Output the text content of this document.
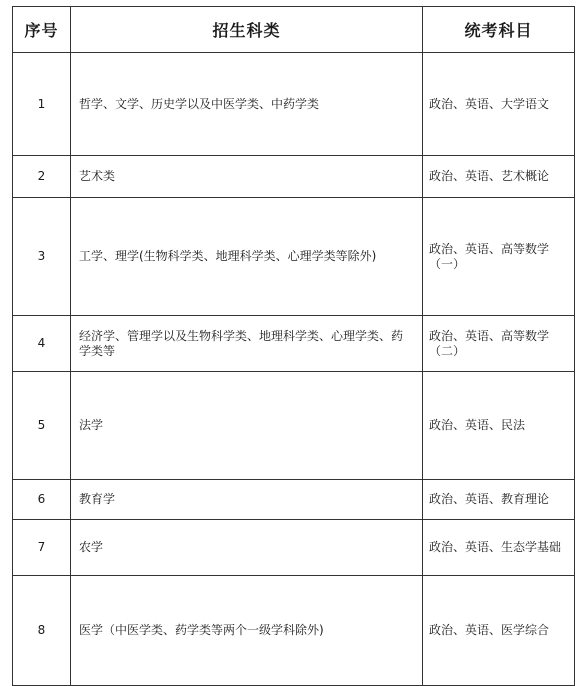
序号	招生科类	统考科目
1	哲学、文学、历史学以及中医学类、中药学类	政治、英语、大学语文
2	艺术类	政治、英语、艺术概论
3	工学、理学(生物科学类、地理科学类、心理学类等除外)	政治、英语、高等数学（一）
4	经济学、管理学以及生物科学类、地理科学类、心理学类、药学类等	政治、英语、高等数学（二）
5	法学	政治、英语、民法
6	教育学	政治、英语、教育理论
7	农学	政治、英语、生态学基础
8	医学（中医学类、药学类等两个一级学科除外)	政治、英语、医学综合
